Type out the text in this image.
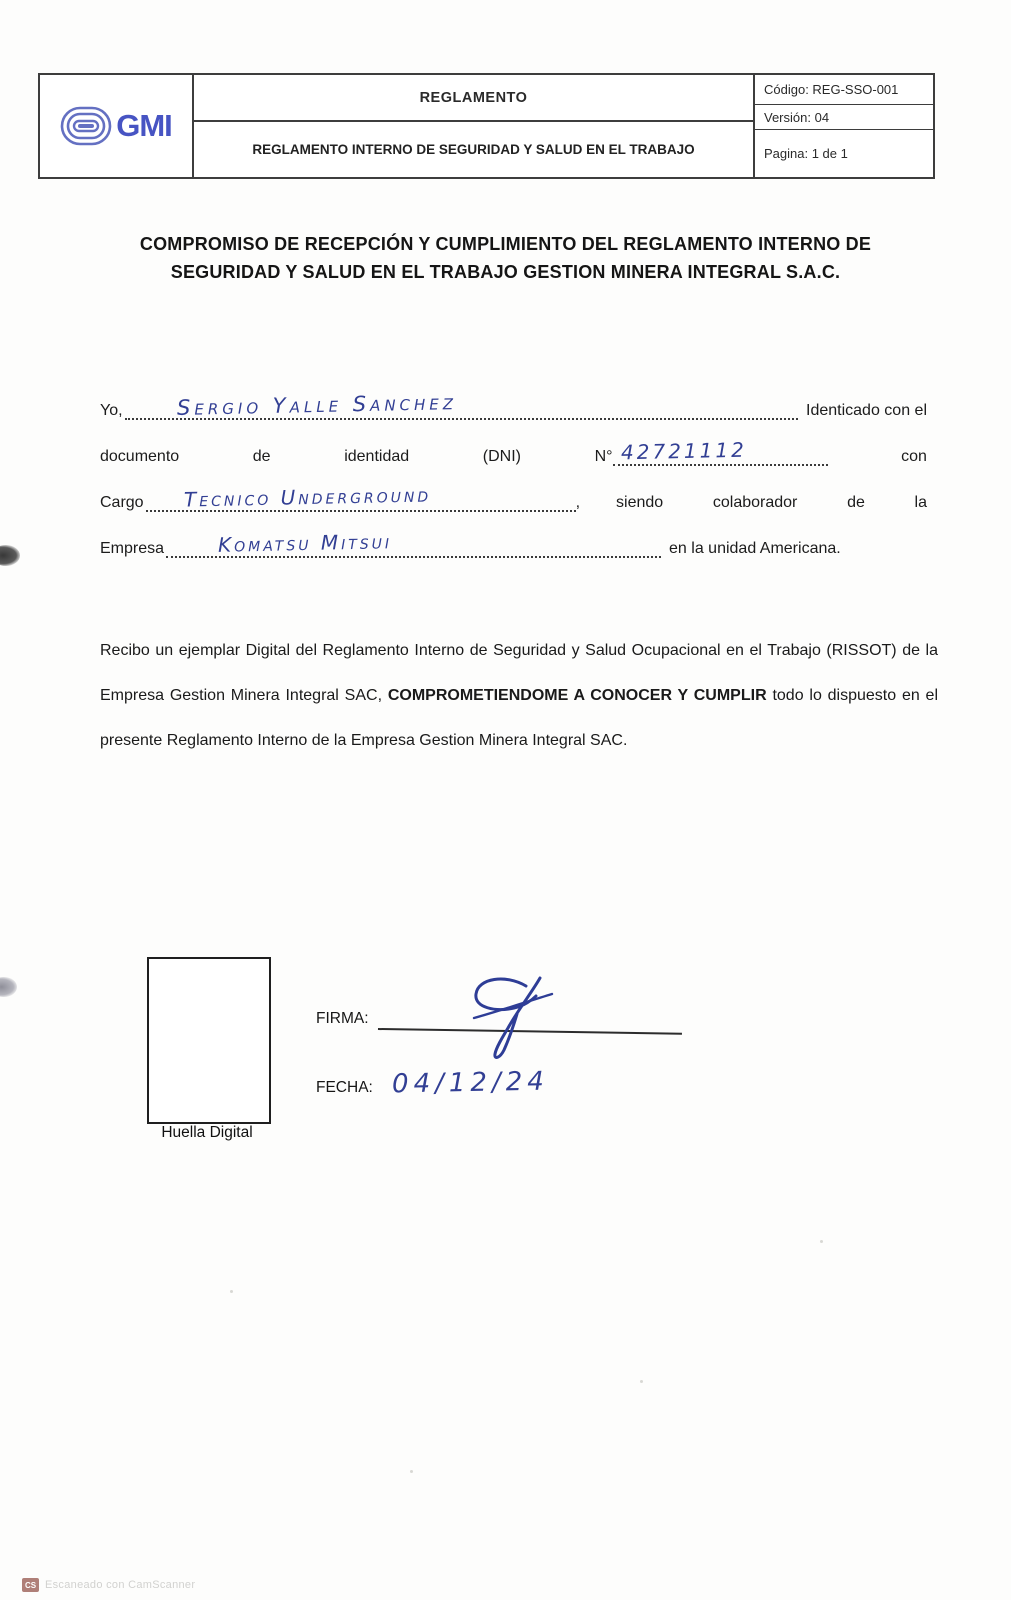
GMI
REGLAMENTO
REGLAMENTO INTERNO DE SEGURIDAD Y SALUD EN EL TRABAJO
Código: REG-SSO-001
Versión: 04
Pagina: 1 de 1
COMPROMISO DE RECEPCIÓN Y CUMPLIMIENTO DEL REGLAMENTO INTERNO DE SEGURIDAD Y SALUD EN EL TRABAJO GESTION MINERA INTEGRAL S.A.C.
Yo,	Sergio Yalle Sanchez	Identicado con el
documento	de	identidad	(DNI)	N° 42721112	con
Cargo Tecnico Underground	, siendo	colaborador	de	la
Empresa	Komatsu Mitsui	en la unidad Americana.

Recibo un ejemplar Digital del Reglamento Interno de Seguridad y Salud Ocupacional en el Trabajo (RISSOT) de la Empresa Gestion Minera Integral SAC, COMPROMETIENDOME A CONOCER Y CUMPLIR todo lo dispuesto en el presente Reglamento Interno de la Empresa Gestion Minera Integral SAC.

Huella Digital
FIRMA:
FECHA: 04/12/24
CS Escaneado con CamScanner
